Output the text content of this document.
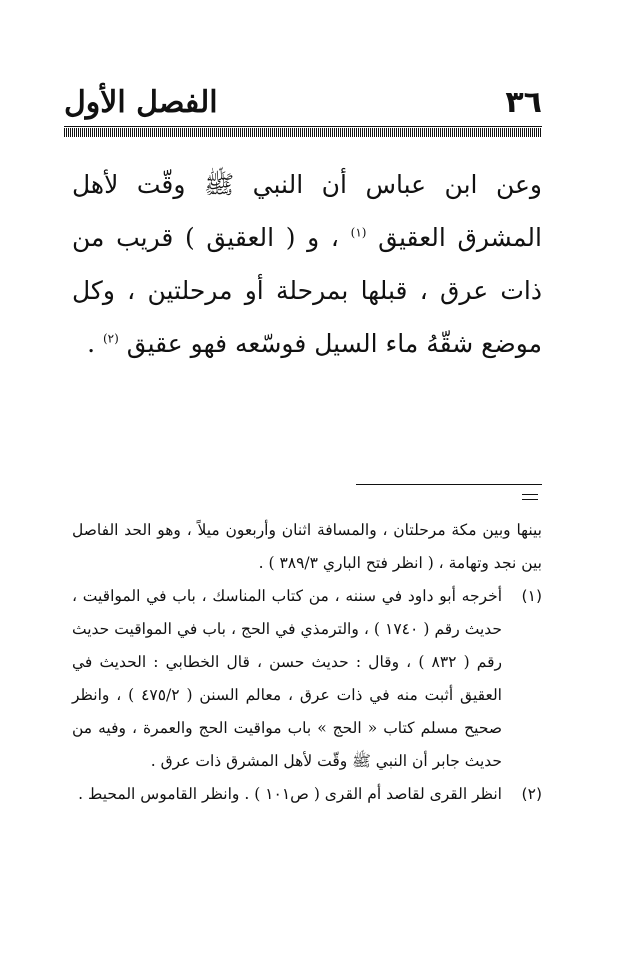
الفصل الأول	٣٦

وعن ابن عباس أن النبي ﷺ وقّت لأهل المشرق العقيق $^{(١)}$ ، و ( العقيق ) قريب من ذات عرق ، قبلها بمرحلة أو مرحلتين ، وكل موضع شقّهُ ماء السيل فوسّعه فهو عقيق $^{(٢)}$ .

بينها وبين مكة مرحلتان ، والمسافة اثنان وأربعون ميلاً ، وهو الحد الفاصل بين نجد وتهامة ، ( انظر فتح الباري ٣٨٩/٣ ) .

(١)
أخرجه أبو داود في سننه ، من كتاب المناسك ، باب في المواقيت ، حديث رقم ( ١٧٤٠ ) ، والترمذي في الحج ، باب في المواقيت حديث رقم ( ٨٣٢ ) ، وقال : حديث حسن ، قال الخطابي : الحديث في العقيق أثبت منه في ذات عرق ، معالم السنن ( ٤٧٥/٢ ) ، وانظر صحيح مسلم كتاب « الحج » باب مواقيت الحج والعمرة ، وفيه من حديث جابر أن النبي ﷺ وقّت لأهل المشرق ذات عرق .
(٢)
انظر القرى لقاصد أم القرى ( ص١٠١ ) . وانظر القاموس المحيط .
